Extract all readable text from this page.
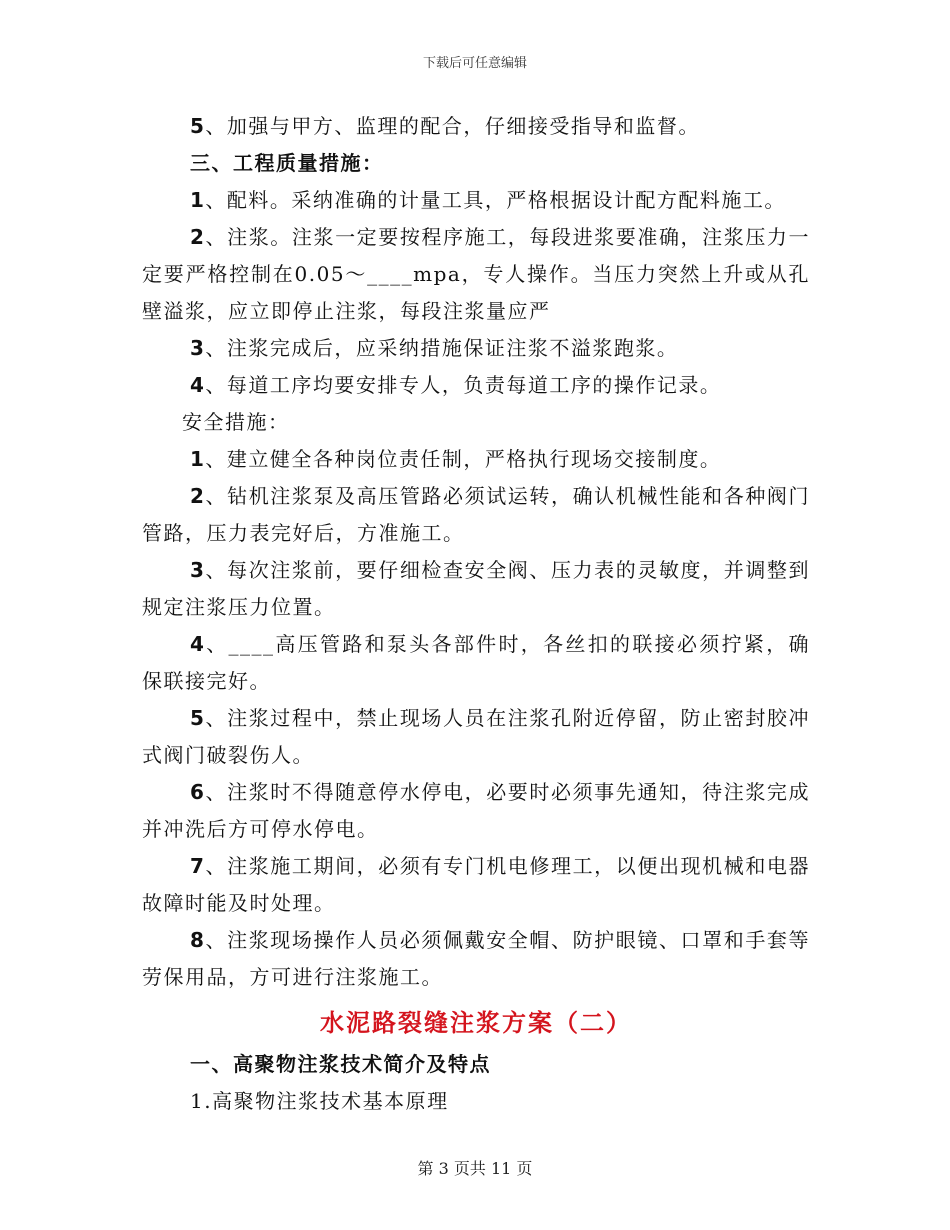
下载后可任意编辑

5、加强与甲方、监理的配合，仔细接受指导和监督。

三、工程质量措施：

1、配料。采纳准确的计量工具，严格根据设计配方配料施工。

2、注浆。注浆一定要按程序施工，每段进浆要准确，注浆压力一定要严格控制在0.05～____mpa，专人操作。当压力突然上升或从孔壁溢浆，应立即停止注浆，每段注浆量应严

3、注浆完成后，应采纳措施保证注浆不溢浆跑浆。

4、每道工序均要安排专人，负责每道工序的操作记录。

安全措施：

1、建立健全各种岗位责任制，严格执行现场交接制度。

2、钻机注浆泵及高压管路必须试运转，确认机械性能和各种阀门管路，压力表完好后，方准施工。

3、每次注浆前，要仔细检查安全阀、压力表的灵敏度，并调整到规定注浆压力位置。

4、____高压管路和泵头各部件时，各丝扣的联接必须拧紧，确保联接完好。

5、注浆过程中，禁止现场人员在注浆孔附近停留，防止密封胶冲式阀门破裂伤人。

6、注浆时不得随意停水停电，必要时必须事先通知，待注浆完成并冲洗后方可停水停电。

7、注浆施工期间，必须有专门机电修理工，以便出现机械和电器故障时能及时处理。

8、注浆现场操作人员必须佩戴安全帽、防护眼镜、口罩和手套等劳保用品，方可进行注浆施工。

水泥路裂缝注浆方案（二）

一、高聚物注浆技术简介及特点

1.高聚物注浆技术基本原理

第 3 页共 11 页
